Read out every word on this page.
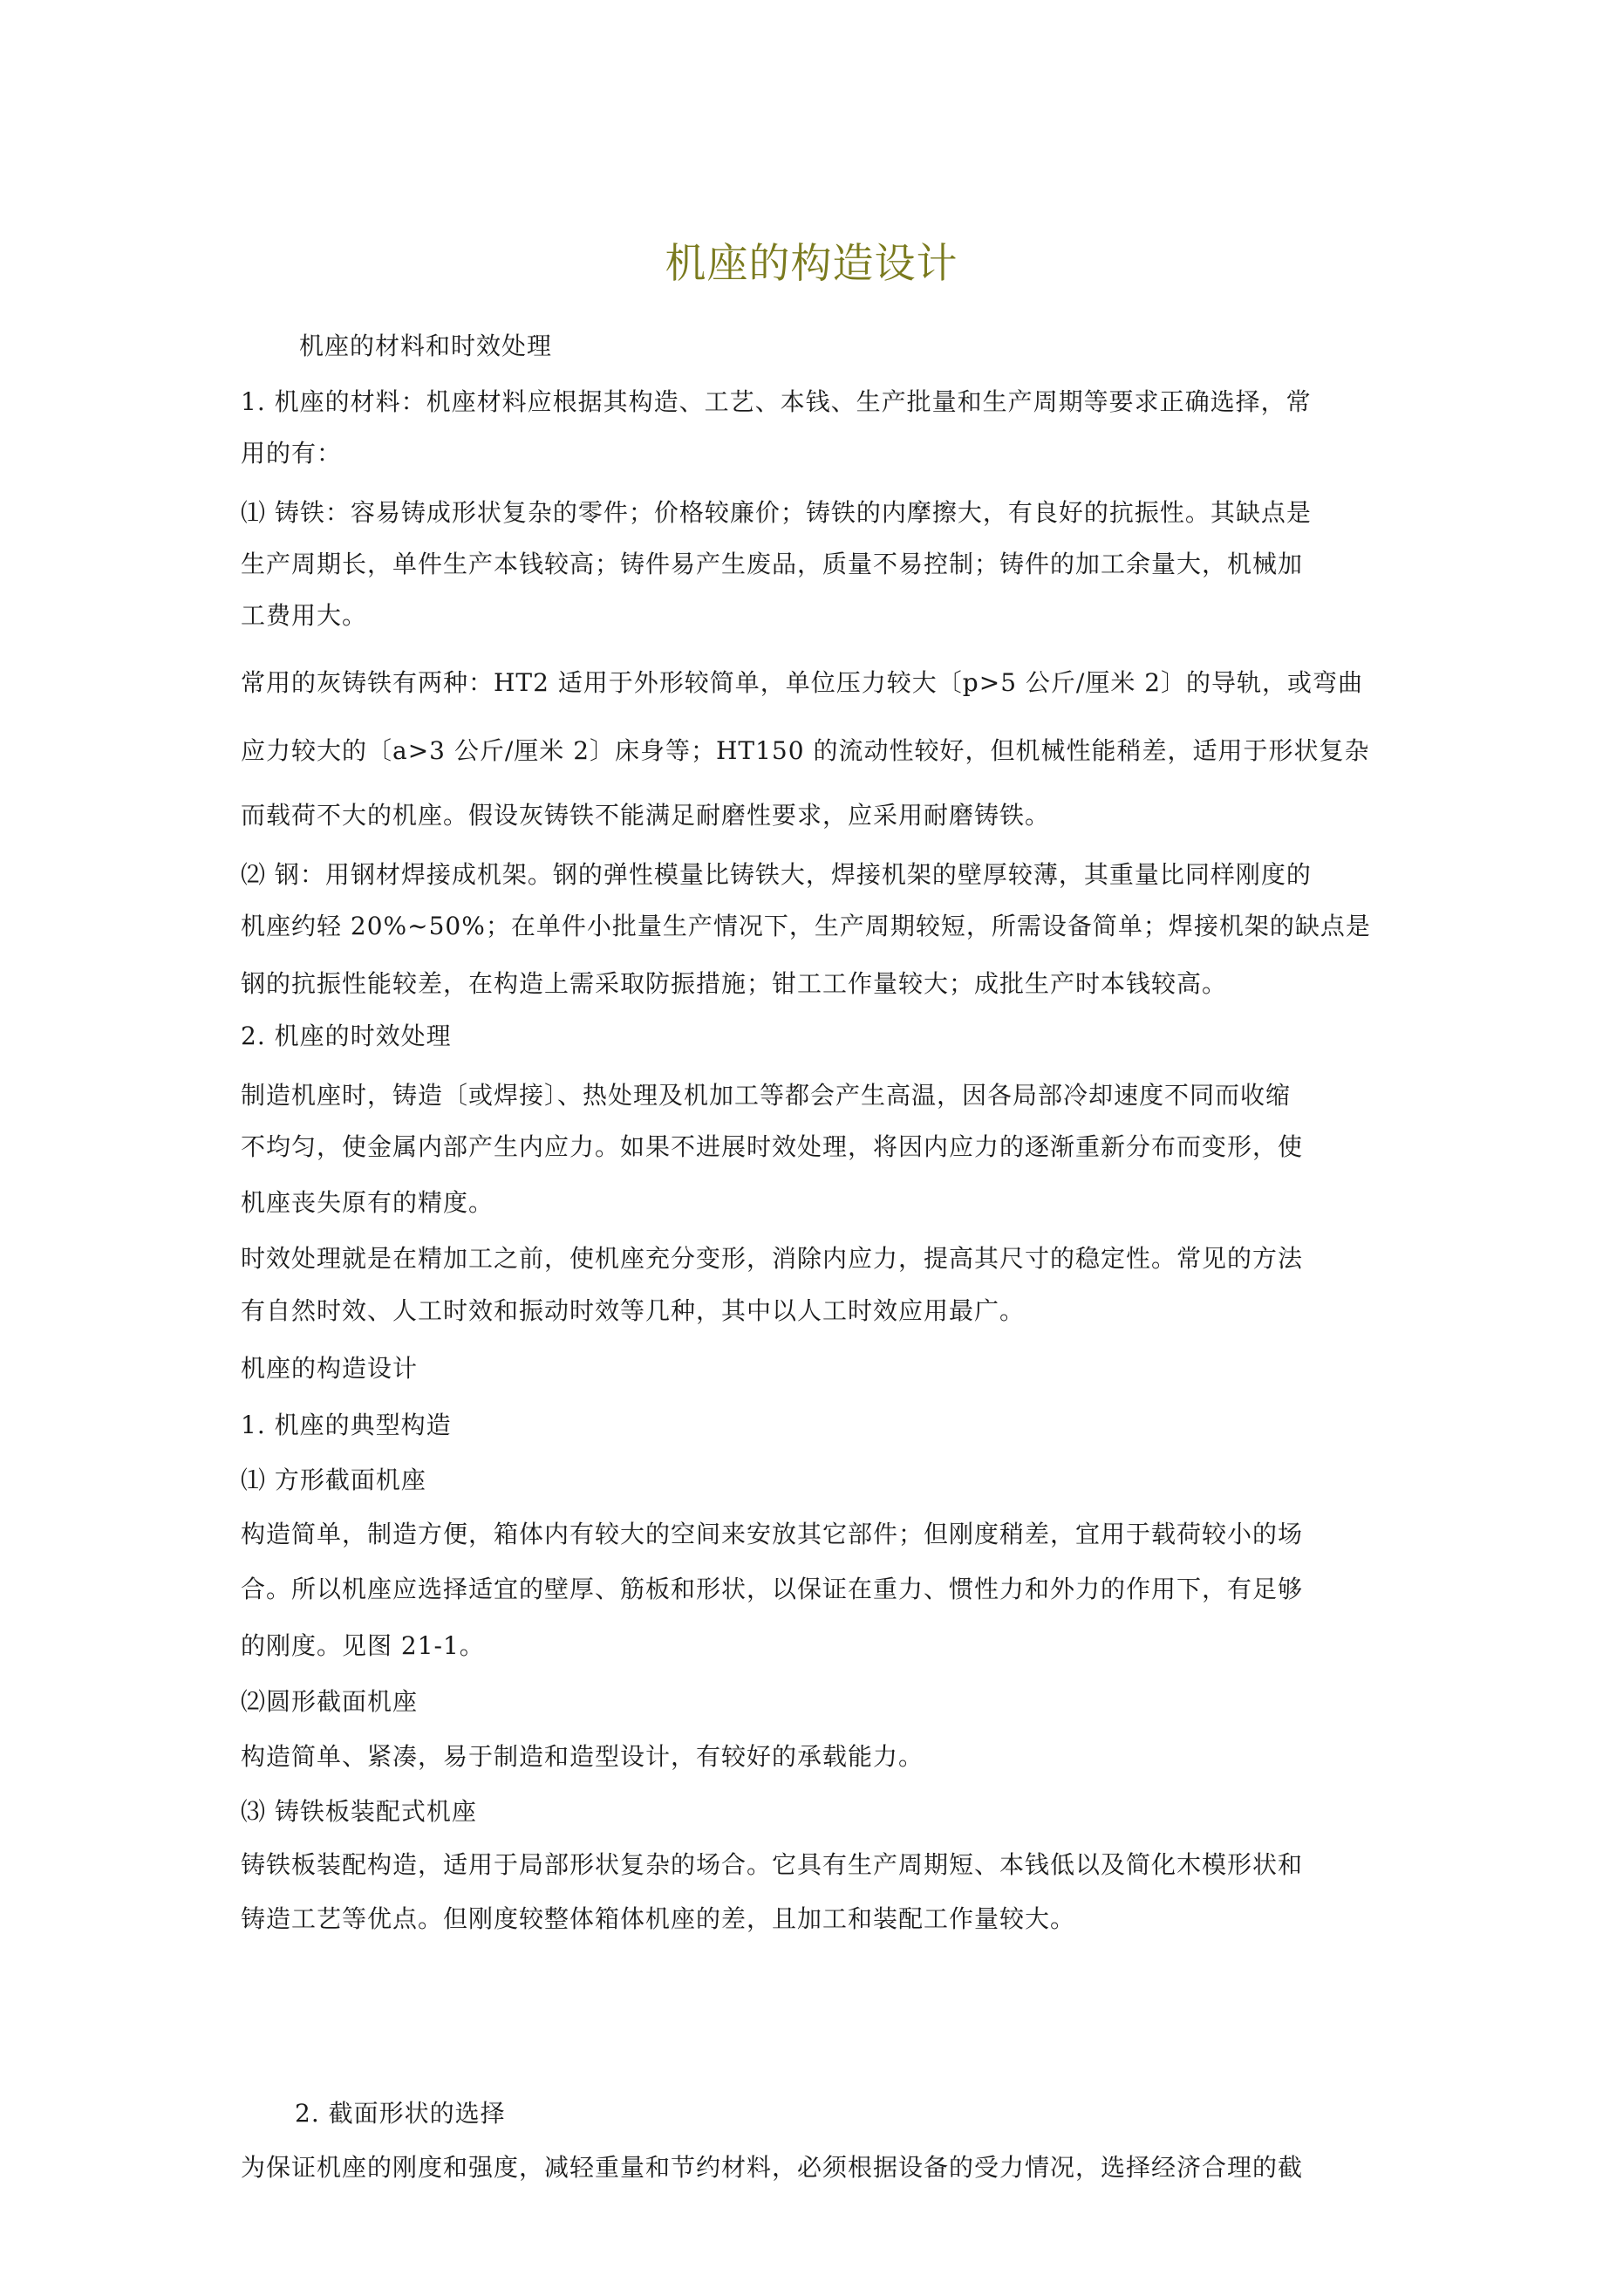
机座的构造设计
机座的材料和时效处理
1. 机座的材料：机座材料应根据其构造、工艺、本钱、生产批量和生产周期等要求正确选择，常
用的有：
⑴ 铸铁：容易铸成形状复杂的零件；价格较廉价；铸铁的内摩擦大，有良好的抗振性。其缺点是
生产周期长，单件生产本钱较高；铸件易产生废品，质量不易控制；铸件的加工余量大，机械加
工费用大。
常用的灰铸铁有两种：HT2 适用于外形较简单，单位压力较大〔p>5 公斤/厘米 2〕的导轨，或弯曲
应力较大的〔a>3 公斤/厘米 2〕床身等；HT150 的流动性较好，但机械性能稍差，适用于形状复杂
而载荷不大的机座。假设灰铸铁不能满足耐磨性要求，应采用耐磨铸铁。
⑵ 钢：用钢材焊接成机架。钢的弹性模量比铸铁大，焊接机架的壁厚较薄，其重量比同样刚度的
机座约轻 20%~50%；在单件小批量生产情况下，生产周期较短，所需设备简单；焊接机架的缺点是
钢的抗振性能较差，在构造上需采取防振措施；钳工工作量较大；成批生产时本钱较高。
2. 机座的时效处理
制造机座时，铸造〔或焊接〕、热处理及机加工等都会产生高温，因各局部冷却速度不同而收缩
不均匀，使金属内部产生内应力。如果不进展时效处理，将因内应力的逐渐重新分布而变形，使
机座丧失原有的精度。
时效处理就是在精加工之前，使机座充分变形，消除内应力，提高其尺寸的稳定性。常见的方法
有自然时效、人工时效和振动时效等几种，其中以人工时效应用最广。
机座的构造设计
1. 机座的典型构造
⑴ 方形截面机座
构造简单，制造方便，箱体内有较大的空间来安放其它部件；但刚度稍差，宜用于载荷较小的场
合。所以机座应选择适宜的壁厚、筋板和形状，以保证在重力、惯性力和外力的作用下，有足够
的刚度。见图 21-1。
⑵圆形截面机座
构造简单、紧凑，易于制造和造型设计，有较好的承载能力。
⑶ 铸铁板装配式机座
铸铁板装配构造，适用于局部形状复杂的场合。它具有生产周期短、本钱低以及简化木模形状和
铸造工艺等优点。但刚度较整体箱体机座的差，且加工和装配工作量较大。
2. 截面形状的选择
为保证机座的刚度和强度，减轻重量和节约材料，必须根据设备的受力情况，选择经济合理的截
